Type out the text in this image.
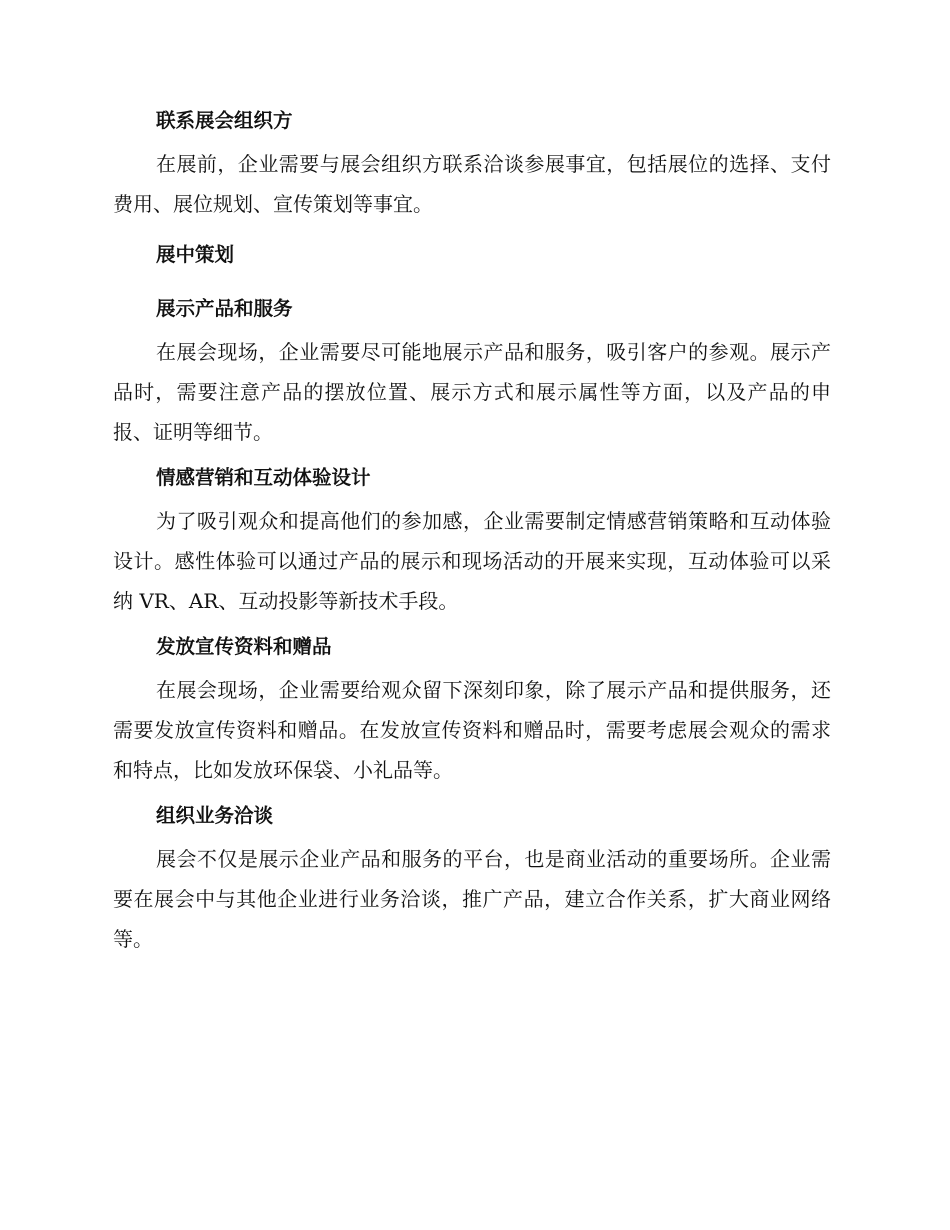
联系展会组织方

在展前，企业需要与展会组织方联系洽谈参展事宜，包括展位的选择、支付费用、展位规划、宣传策划等事宜。

展中策划
展示产品和服务

在展会现场，企业需要尽可能地展示产品和服务，吸引客户的参观。展示产品时，需要注意产品的摆放位置、展示方式和展示属性等方面，以及产品的申报、证明等细节。

情感营销和互动体验设计

为了吸引观众和提高他们的参加感，企业需要制定情感营销策略和互动体验设计。感性体验可以通过产品的展示和现场活动的开展来实现，互动体验可以采纳 VR、AR、互动投影等新技术手段。

发放宣传资料和赠品

在展会现场，企业需要给观众留下深刻印象，除了展示产品和提供服务，还需要发放宣传资料和赠品。在发放宣传资料和赠品时，需要考虑展会观众的需求和特点，比如发放环保袋、小礼品等。

组织业务洽谈

展会不仅是展示企业产品和服务的平台，也是商业活动的重要场所。企业需要在展会中与其他企业进行业务洽谈，推广产品，建立合作关系，扩大商业网络等。
